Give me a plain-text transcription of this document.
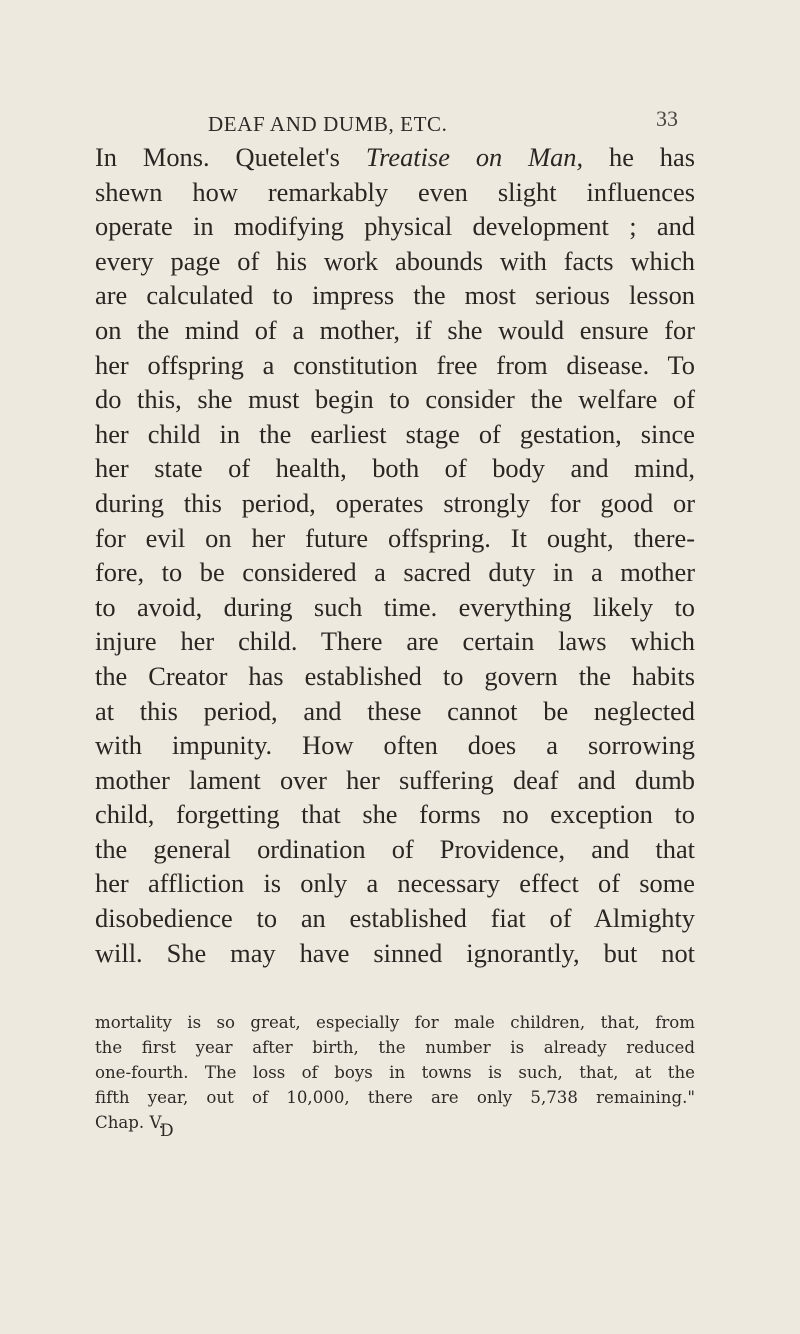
DEAF AND DUMB, ETC.	33
In Mons. Quetelet's Treatise on Man, he has
shewn how remarkably even slight influences
operate in modifying physical development ; and
every page of his work abounds with facts which
are calculated to impress the most serious lesson
on the mind of a mother, if she would ensure for
her offspring a constitution free from disease. To
do this, she must begin to consider the welfare of
her child in the earliest stage of gestation, since
her state of health, both of body and mind,
during this period, operates strongly for good or
for evil on her future offspring. It ought, there-
fore, to be considered a sacred duty in a mother
to avoid, during such time. everything likely to
injure her child. There are certain laws which
the Creator has established to govern the habits
at this period, and these cannot be neglected
with impunity. How often does a sorrowing
mother lament over her suffering deaf and dumb
child, forgetting that she forms no exception to
the general ordination of Providence, and that
her affliction is only a necessary effect of some
disobedience to an established fiat of Almighty
will. She may have sinned ignorantly, but not
mortality is so great, especially for male children, that, from
the first year after birth, the number is already reduced
one-fourth. The loss of boys in towns is such, that, at the
fifth year, out of 10,000, there are only 5,738 remaining."
Chap. V.
D
